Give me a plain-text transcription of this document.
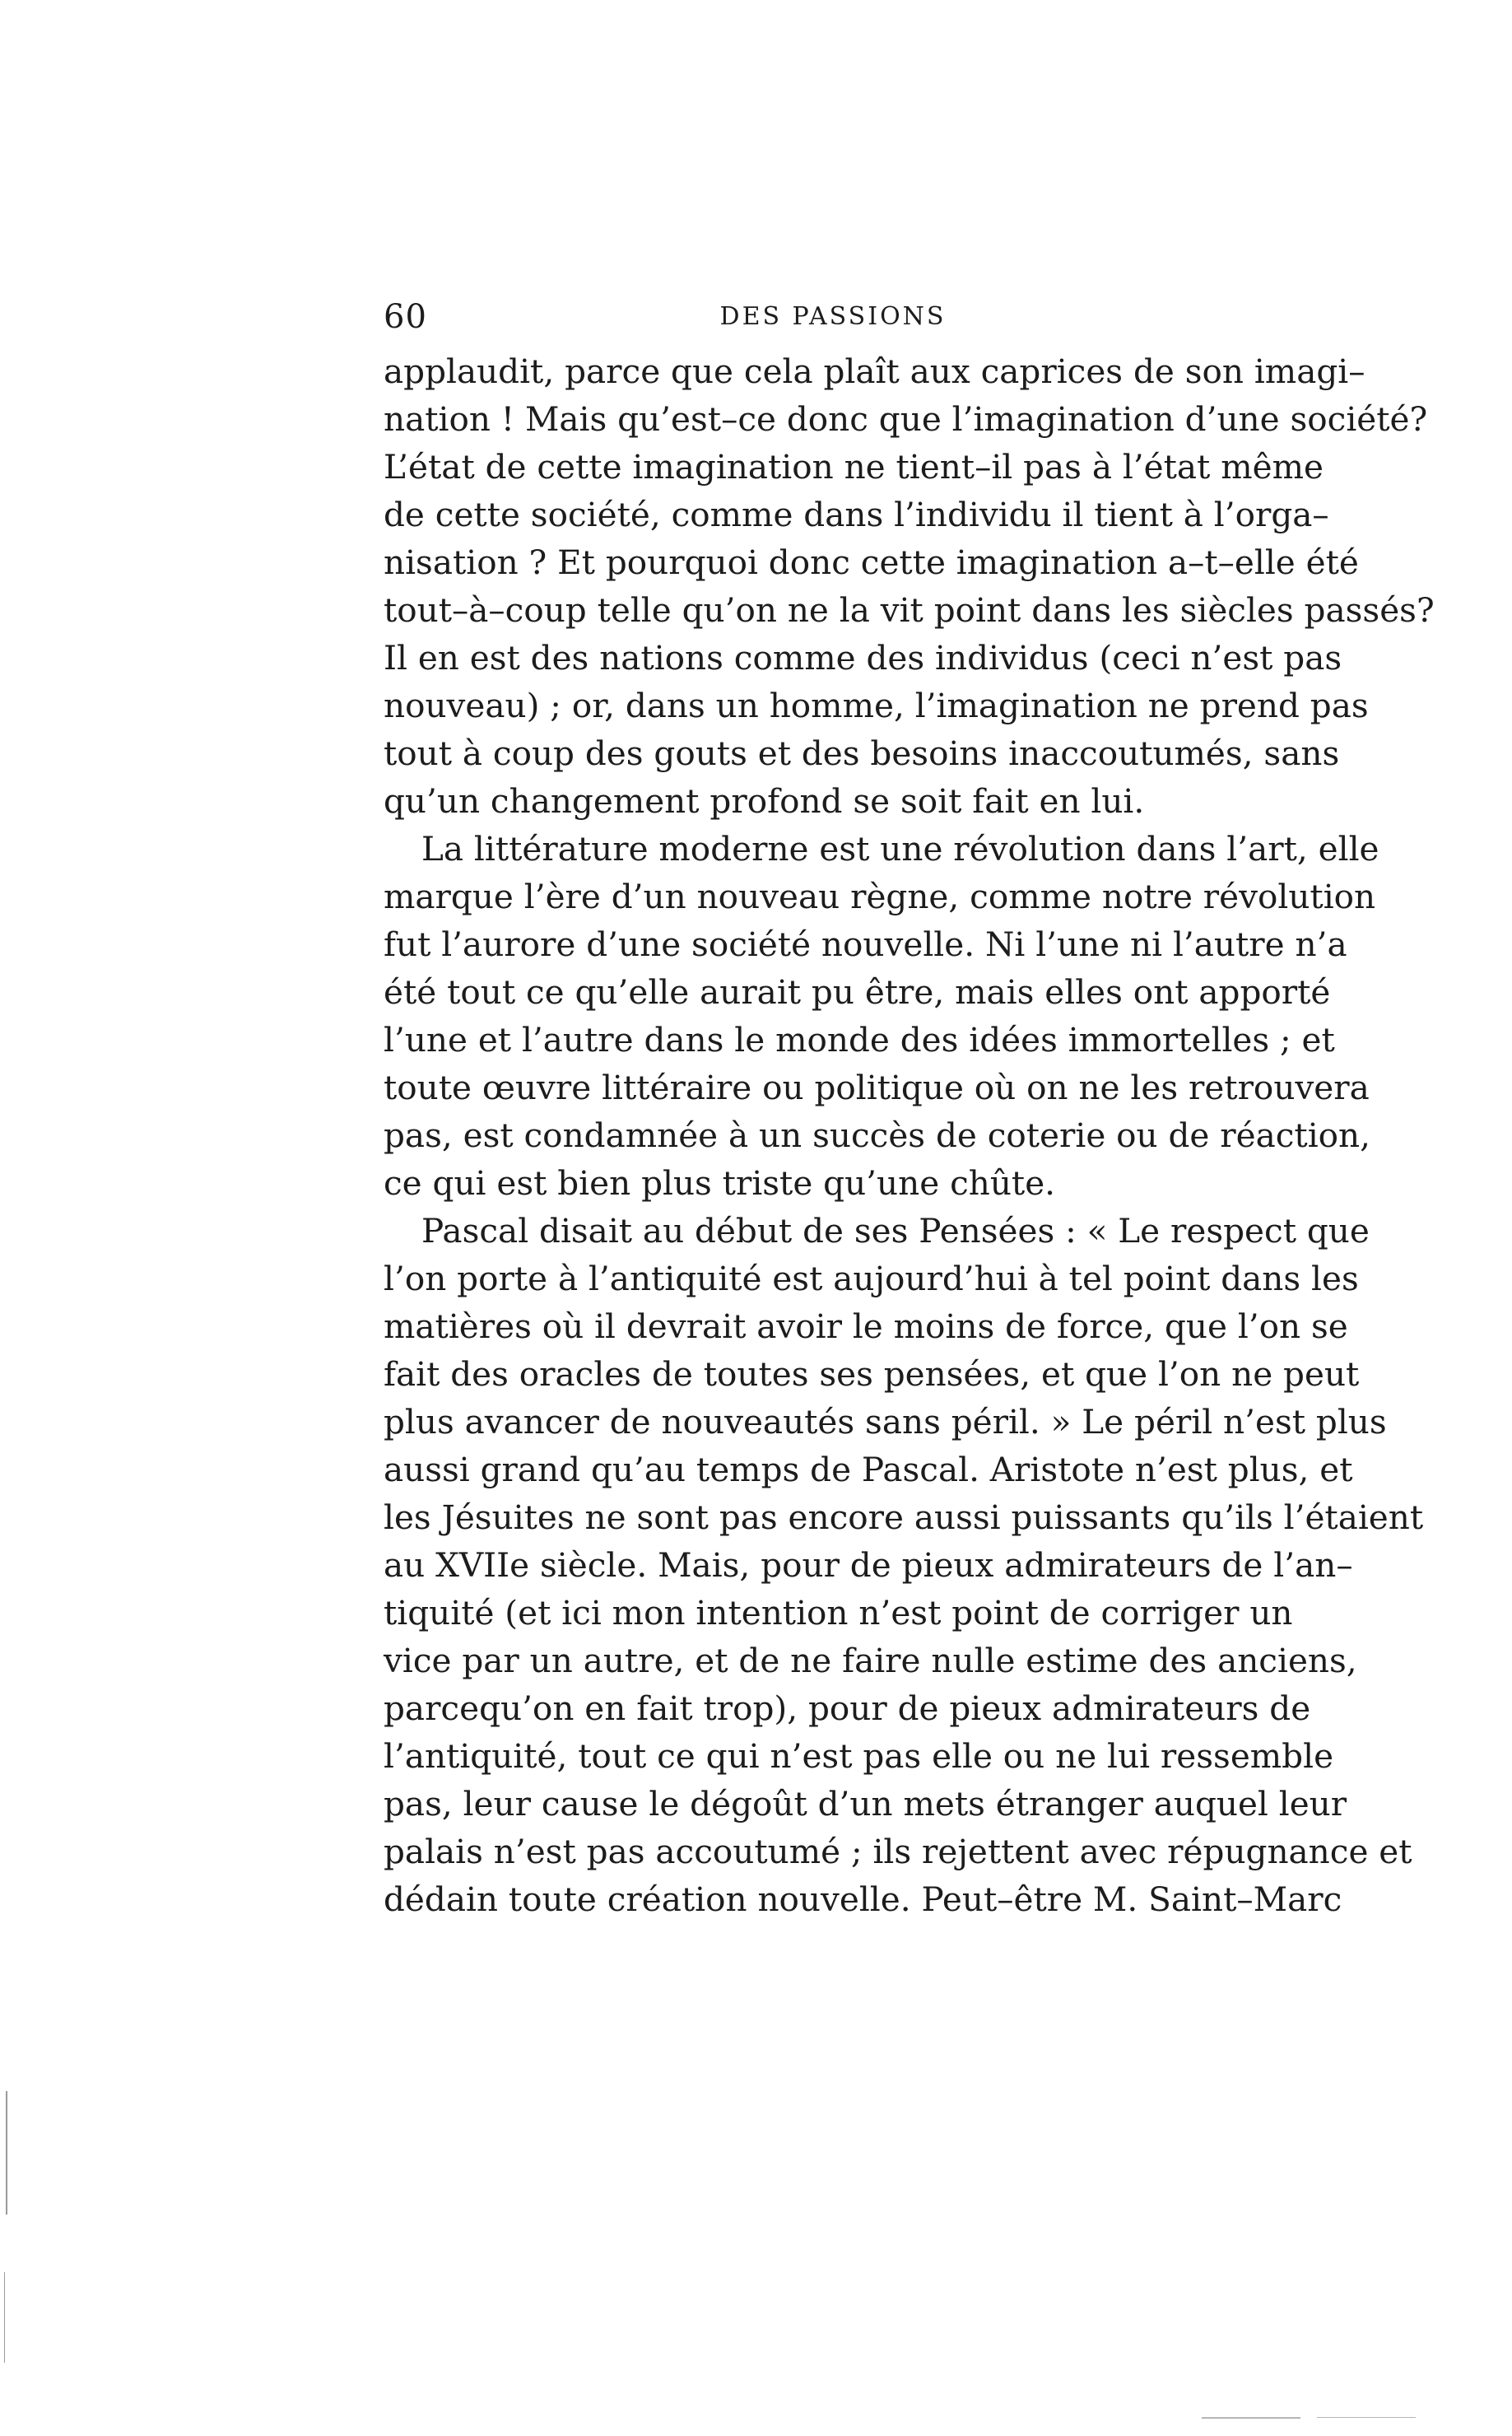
60	DES PASSIONS
applaudit, parce que cela plaît aux caprices de son imagi–
nation ! Mais qu’est–ce donc que l’imagination d’une société?
L’état de cette imagination ne tient–il pas à l’état même
de cette société, comme dans l’individu il tient à l’orga–
nisation ? Et pourquoi donc cette imagination a–t–elle été
tout–à–coup telle qu’on ne la vit point dans les siècles passés?
Il en est des nations comme des individus (ceci n’est pas
nouveau) ; or, dans un homme, l’imagination ne prend pas
tout à coup des gouts et des besoins inaccoutumés, sans
qu’un changement profond se soit fait en lui.
La littérature moderne est une révolution dans l’art, elle
marque l’ère d’un nouveau règne, comme notre révolution
fut l’aurore d’une société nouvelle. Ni l’une ni l’autre n’a
été tout ce qu’elle aurait pu être, mais elles ont apporté
l’une et l’autre dans le monde des idées immortelles ; et
toute œuvre littéraire ou politique où on ne les retrouvera
pas, est condamnée à un succès de coterie ou de réaction,
ce qui est bien plus triste qu’une chûte.
Pascal disait au début de ses Pensées : « Le respect que
l’on porte à l’antiquité est aujourd’hui à tel point dans les
matières où il devrait avoir le moins de force, que l’on se
fait des oracles de toutes ses pensées, et que l’on ne peut
plus avancer de nouveautés sans péril. » Le péril n’est plus
aussi grand qu’au temps de Pascal. Aristote n’est plus, et
les Jésuites ne sont pas encore aussi puissants qu’ils l’étaient
au XVIIe siècle. Mais, pour de pieux admirateurs de l’an–
tiquité (et ici mon intention n’est point de corriger un
vice par un autre, et de ne faire nulle estime des anciens,
parcequ’on en fait trop), pour de pieux admirateurs de
l’antiquité, tout ce qui n’est pas elle ou ne lui ressemble
pas, leur cause le dégoût d’un mets étranger auquel leur
palais n’est pas accoutumé ; ils rejettent avec répugnance et
dédain toute création nouvelle. Peut–être M. Saint–Marc
